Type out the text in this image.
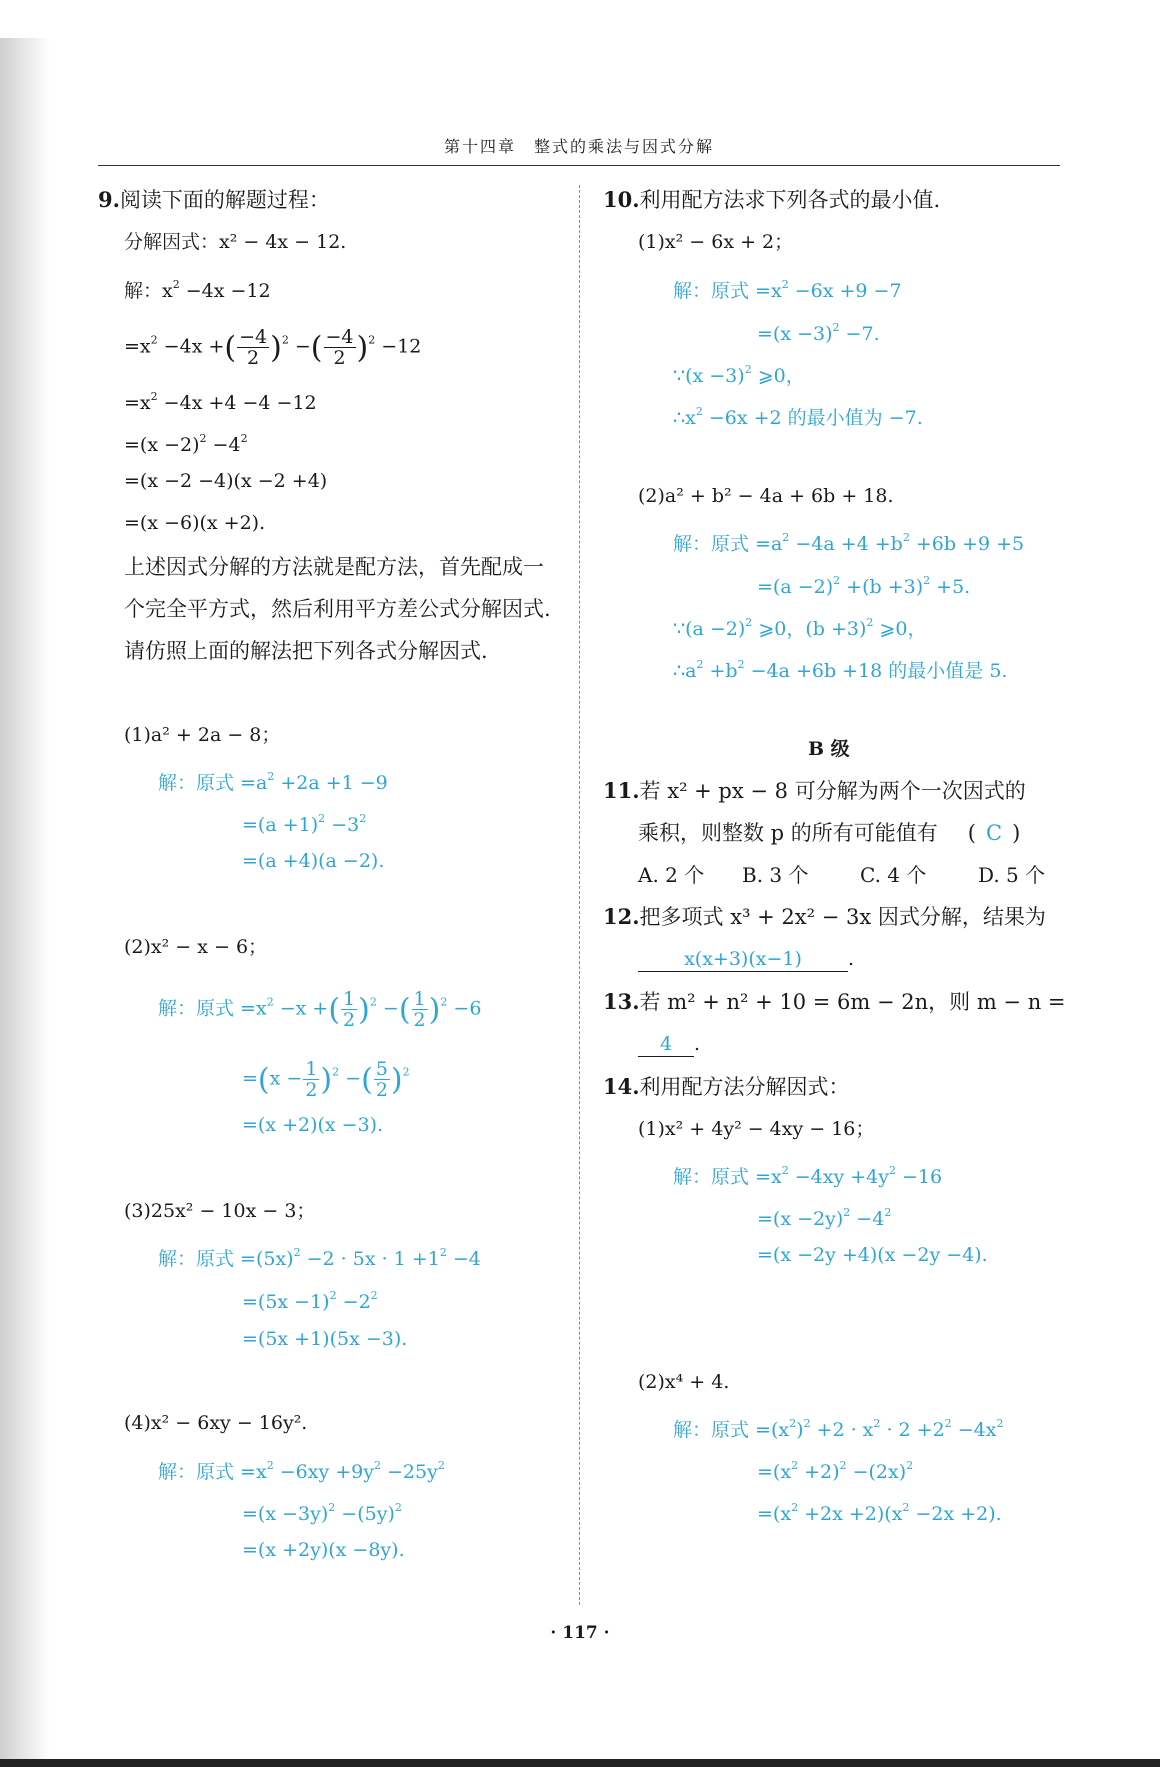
第十四章　整式的乘法与因式分解
9.阅读下面的解题过程：
分解因式：x² − 4x − 12.
解：$x^2 -4x -12$
$=x^2 -4x$ +( $\frac{-4}{2} )^2$ −( $\frac{-4}{2} )^2 -12$
$=x^2 -4x +4 -4 -12$
$=(x -2)^2 -4^2$
=(x −2 −4)(x −2 +4)
=(x −6)(x +2).
上述因式分解的方法就是配方法，首先配成一个完全平方式，然后利用平方差公式分解因式. 请仿照上面的解法把下列各式分解因式.
(1)a² + 2a − 8；
解：原式 $=a^2 +2a +1 -9$
$=(a +1)^2 -3^2$
=(a +4)(a −2).
(2)x² − x − 6；
解：原式 $=x^2 -x$ +( $\frac{1}{2} )^2$ −( $\frac{1}{2} )^2 -6$
$=(x - \frac{1}{2} )^2$ −( $\frac{5}{2} )^2$
=(x +2)(x −3).
(3)25x² − 10x − 3；
解：原式 $=(5x)^2 -2 \cdot 5x \cdot 1 +1^2 -4$
$=(5x -1)^2 -2^2$
=(5x +1)(5x −3).
(4)x² − 6xy − 16y².
解：原式 $=x^2 -6xy +9y^2 -25y^2$
$=(x -3y)^2 -(5y)^2$
=(x +2y)(x −8y).
10.利用配方法求下列各式的最小值.
(1)x² − 6x + 2；
解：原式 $=x^2 -6x +9 -7$
$=(x -3)^2 -7$.
∵(x −3)$^2$ ⩾0，
$\therefore x^2 -6x +2$ 的最小值为 −7.
(2)a² + b² − 4a + 6b + 18.
解：原式 $=a^2 -4a +4 +b^2 +6b +9 +5$
$=(a -2)^2 +(b +3)^2 +5$.
∵(a −2)$^2$ ⩾0，$(b +3)^2$ ⩾0，
$\therefore a^2 +b^2 -4a +6b +18$ 的最小值是 5.
B 级
11.若 x² + px − 8 可分解为两个一次因式的
乘积，则整数 p 的所有可能值有 ( C )
A. 2 个 B. 3 个	C. 4 个	D. 5 个
12.把多项式 x³ + 2x² − 3x 因式分解，结果为
x(x+3)(x−1) .
13.若 m² + n² + 10 = 6m − 2n，则 m − n =
4 .
14.利用配方法分解因式：
(1)x² + 4y² − 4xy − 16；
解：原式 $=x^2 -4xy +4y^2 -16$
$=(x -2y)^2 -4^2$
=(x −2y +4)(x −2y −4).
(2)x⁴ + 4.
解：原式 $=(x^2)^2 +2 \cdot x^2 \cdot 2 +2^2 -4x^2$
$=(x^2 +2)^2 -(2x)^2$
$=(x^2 +2x +2)(x^2 -2x +2)$.
· 117 ·
